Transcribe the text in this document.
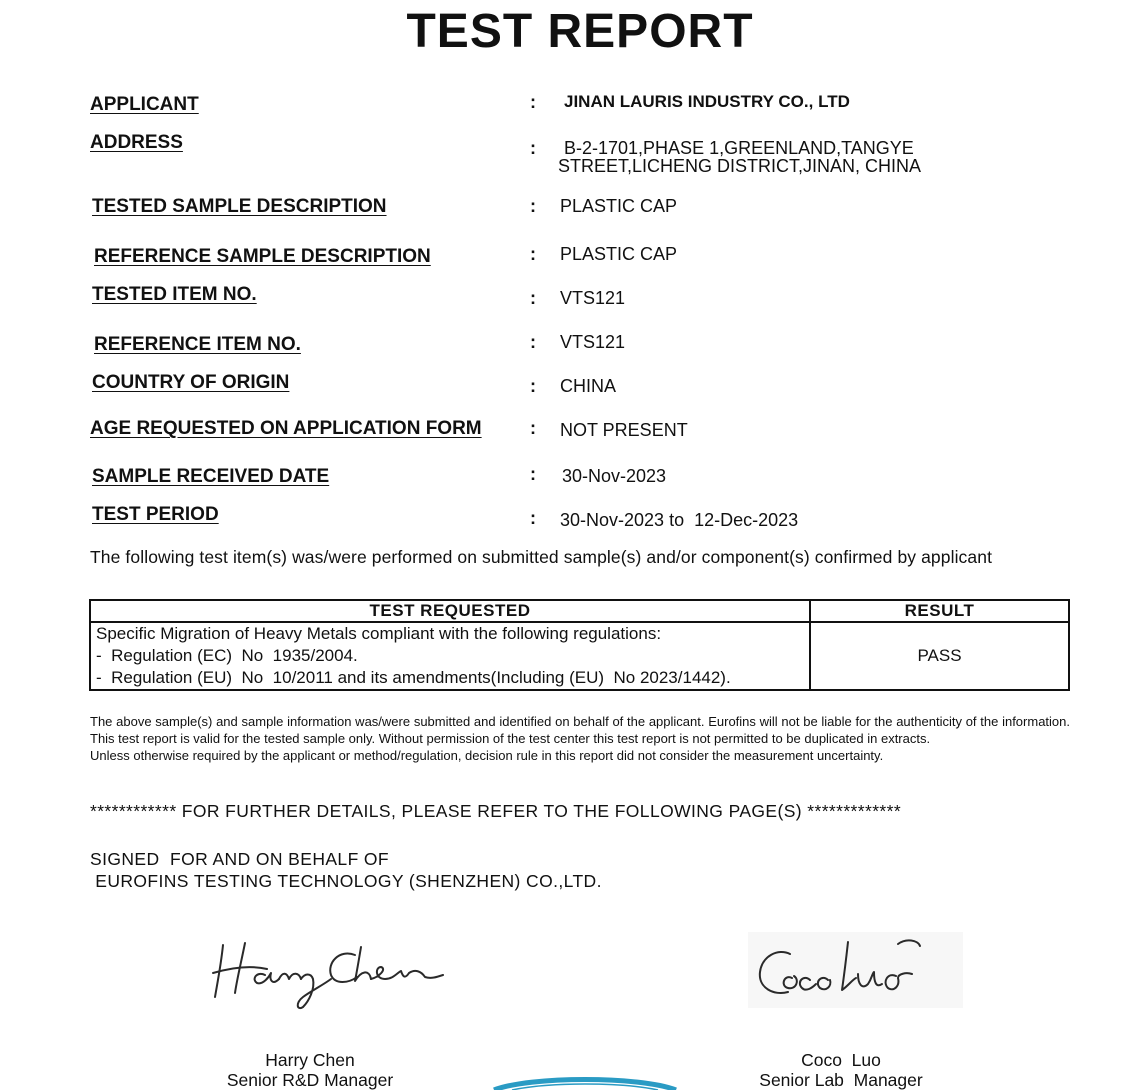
TEST REPORT
APPLICANT	: JINAN LAURIS INDUSTRY CO., LTD
ADDRESS	: B-2-1701,PHASE 1,GREENLAND,TANGYE
STREET,LICHENG DISTRICT,JINAN, CHINA
TESTED SAMPLE DESCRIPTION	: PLASTIC CAP
REFERENCE SAMPLE DESCRIPTION	: PLASTIC CAP
TESTED ITEM NO.	: VTS121
REFERENCE ITEM NO.	: VTS121
COUNTRY OF ORIGIN	: CHINA
AGE REQUESTED ON APPLICATION FORM	: NOT PRESENT
SAMPLE RECEIVED DATE	: 30-Nov-2023
TEST PERIOD	: 30-Nov-2023 to  12-Dec-2023
The following test item(s) was/were performed on submitted sample(s) and/or component(s) confirmed by applicant
TEST REQUESTED	RESULT

Specific Migration of Heavy Metals compliant with the following regulations:
-  Regulation (EC)  No  1935/2004.
-  Regulation (EU)  No  10/2011 and its amendments(Including (EU)  No 2023/1442).	PASS
The above sample(s) and sample information was/were submitted and identified on behalf of the applicant. Eurofins will not be liable for the authenticity of the information. This test report is valid for the tested sample only. Without permission of the test center this test report is not permitted to be duplicated in extracts.
Unless otherwise required by the applicant or method/regulation, decision rule in this report did not consider the measurement uncertainty.
************ FOR FURTHER DETAILS, PLEASE REFER TO THE FOLLOWING PAGE(S) *************
SIGNED  FOR AND ON BEHALF OF
EUROFINS TESTING TECHNOLOGY (SHENZHEN) CO.,LTD.
Harry Chen
Senior R&D Manager
Coco  Luo
Senior Lab  Manager
